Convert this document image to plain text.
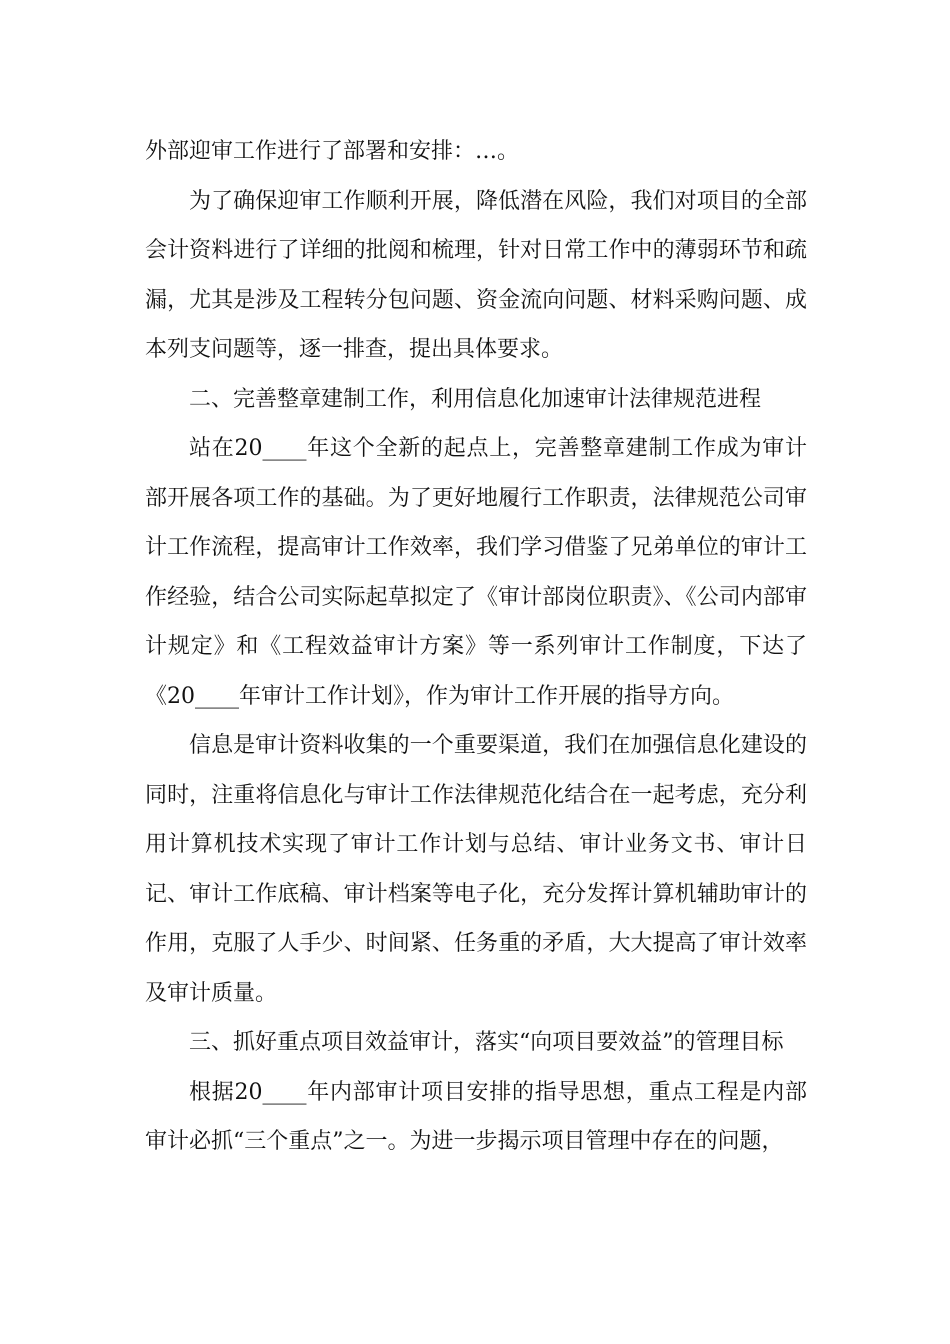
外部迎审工作进行了部署和安排：…。

为了确保迎审工作顺利开展，降低潜在风险，我们对项目的全部会计资料进行了详细的批阅和梳理，针对日常工作中的薄弱环节和疏漏，尤其是涉及工程转分包问题、资金流向问题、材料采购问题、成本列支问题等，逐一排查，提出具体要求。

二、完善整章建制工作，利用信息化加速审计法律规范进程

站在20____年这个全新的起点上，完善整章建制工作成为审计部开展各项工作的基础。为了更好地履行工作职责，法律规范公司审计工作流程，提高审计工作效率，我们学习借鉴了兄弟单位的审计工作经验，结合公司实际起草拟定了《审计部岗位职责》、《公司内部审计规定》和《工程效益审计方案》等一系列审计工作制度，下达了《20____年审计工作计划》，作为审计工作开展的指导方向。

信息是审计资料收集的一个重要渠道，我们在加强信息化建设的同时，注重将信息化与审计工作法律规范化结合在一起考虑，充分利用计算机技术实现了审计工作计划与总结、审计业务文书、审计日记、审计工作底稿、审计档案等电子化，充分发挥计算机辅助审计的作用，克服了人手少、时间紧、任务重的矛盾，大大提高了审计效率及审计质量。

三、抓好重点项目效益审计，落实“向项目要效益”的管理目标

根据20____年内部审计项目安排的指导思想，重点工程是内部审计必抓“三个重点”之一。为进一步揭示项目管理中存在的问题，
